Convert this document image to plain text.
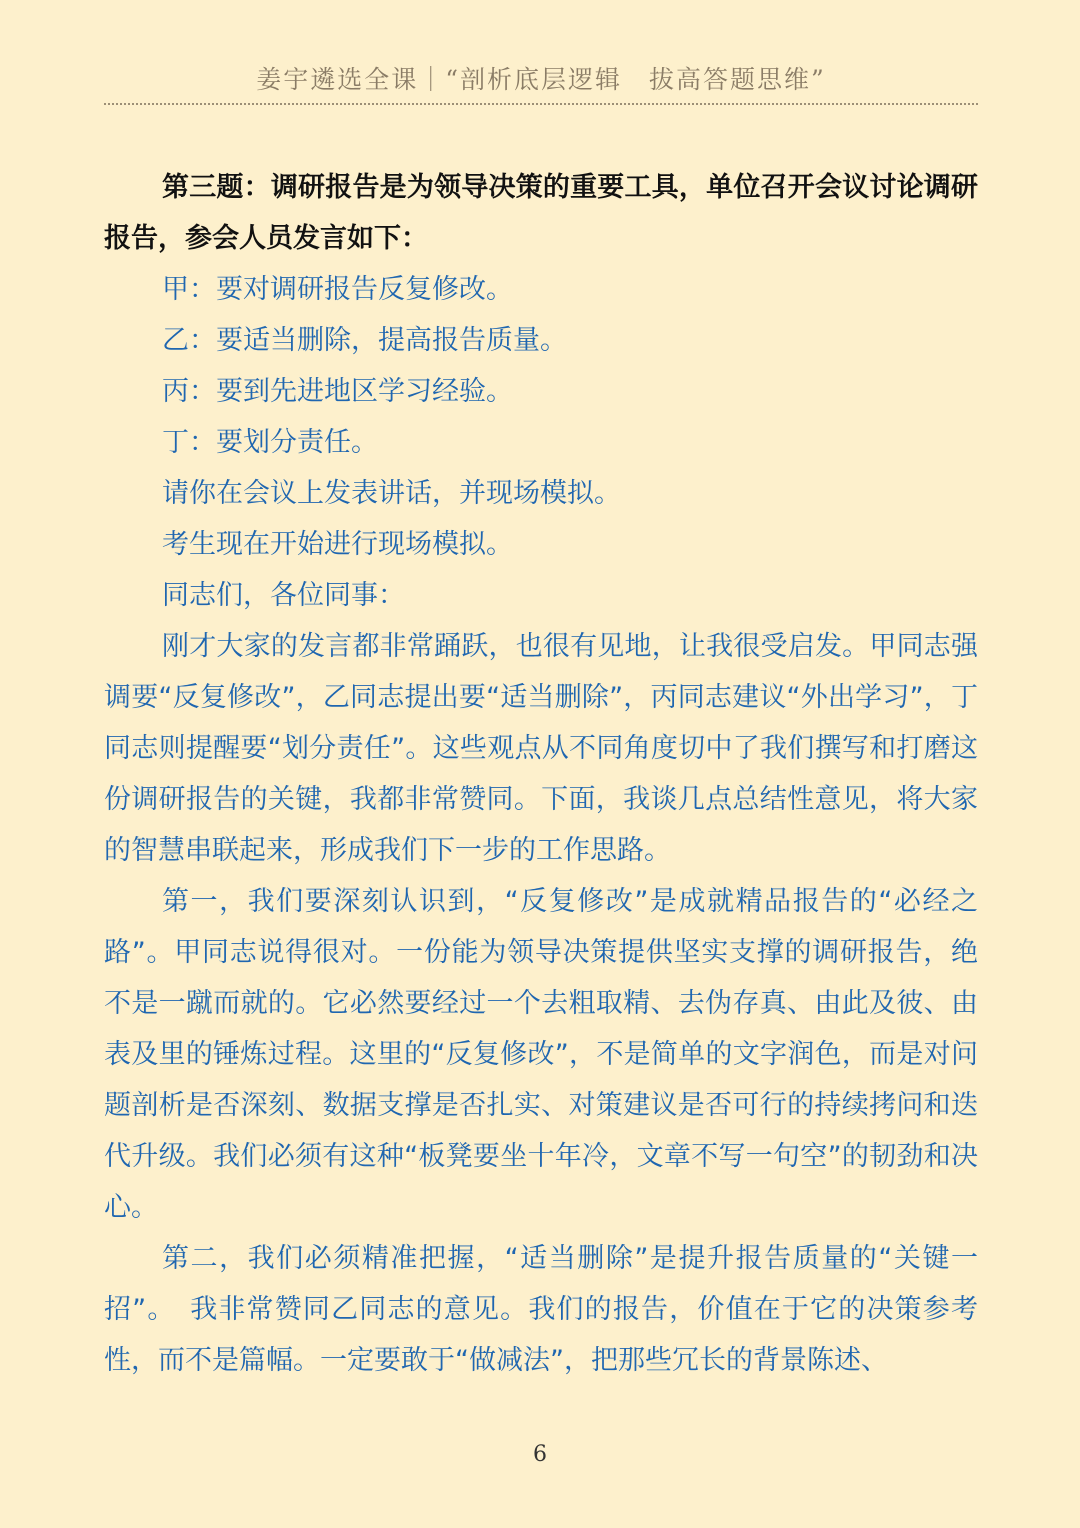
姜宇遴选全课｜“剖析底层逻辑　拔高答题思维”

第三题：调研报告是为领导决策的重要工具，单位召开会议讨论调研报告，参会人员发言如下：

甲：要对调研报告反复修改。

乙：要适当删除，提高报告质量。

丙：要到先进地区学习经验。

丁：要划分责任。

请你在会议上发表讲话，并现场模拟。

考生现在开始进行现场模拟。

同志们，各位同事：

刚才大家的发言都非常踊跃，也很有见地，让我很受启发。甲同志强调要“反复修改”，乙同志提出要“适当删除”，丙同志建议“外出学习”，丁同志则提醒要“划分责任”。这些观点从不同角度切中了我们撰写和打磨这份调研报告的关键，我都非常赞同。下面，我谈几点总结性意见，将大家的智慧串联起来，形成我们下一步的工作思路。

第一，我们要深刻认识到，“反复修改”是成就精品报告的“必经之路”。甲同志说得很对。一份能为领导决策提供坚实支撑的调研报告，绝不是一蹴而就的。它必然要经过一个去粗取精、去伪存真、由此及彼、由表及里的锤炼过程。这里的“反复修改”，不是简单的文字润色，而是对问题剖析是否深刻、数据支撑是否扎实、对策建议是否可行的持续拷问和迭代升级。我们必须有这种“板凳要坐十年冷，文章不写一句空”的韧劲和决心。

第二，我们必须精准把握，“适当删除”是提升报告质量的“关键一招”。　我非常赞同乙同志的意见。我们的报告，价值在于它的决策参考性，而不是篇幅。一定要敢于“做减法”，把那些冗长的背景陈述、

6
